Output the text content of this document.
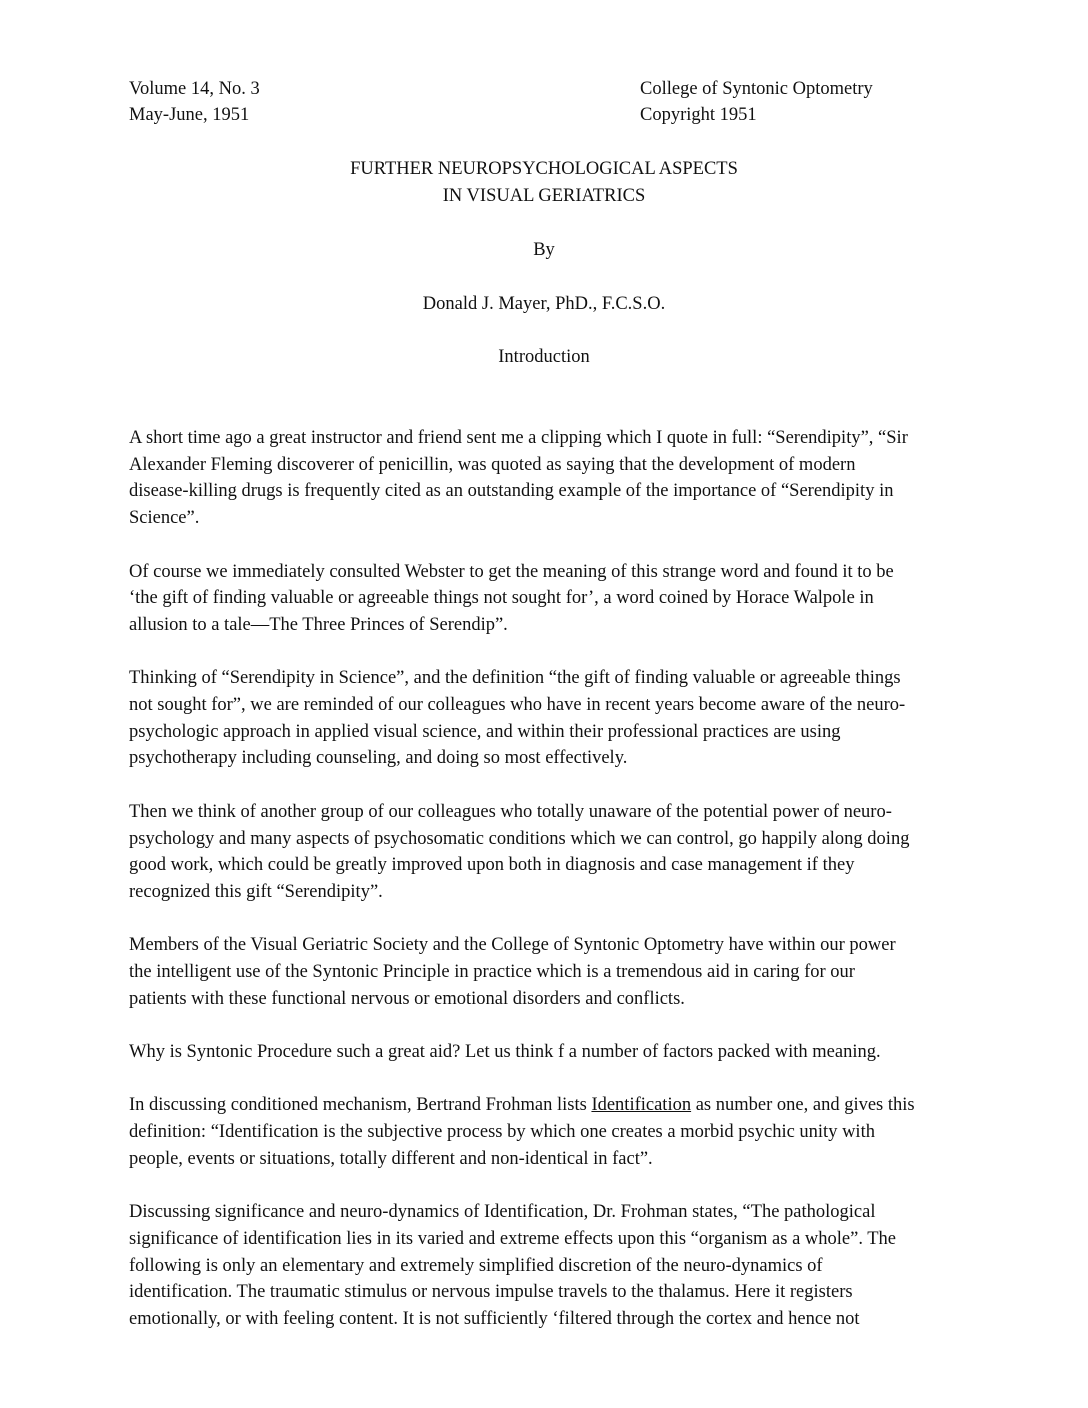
Volume 14, No. 3
May-June, 1951
College of Syntonic Optometry
Copyright 1951
FURTHER NEUROPSYCHOLOGICAL ASPECTS
IN VISUAL GERIATRICS
By
Donald J. Mayer, PhD., F.C.S.O.
Introduction

A short time ago a great instructor and friend sent me a clipping which I quote in full: “Serendipity”, “Sir
Alexander Fleming discoverer of penicillin, was quoted as saying that the development of modern
disease-killing drugs is frequently cited as an outstanding example of the importance of “Serendipity in
Science”.

Of course we immediately consulted Webster to get the meaning of this strange word and found it to be
‘the gift of finding valuable or agreeable things not sought for’, a word coined by Horace Walpole in
allusion to a tale—The Three Princes of Serendip”.

Thinking of “Serendipity in Science”, and the definition “the gift of finding valuable or agreeable things
not sought for”, we are reminded of our colleagues who have in recent years become aware of the neuro-
psychologic approach in applied visual science, and within their professional practices are using
psychotherapy including counseling, and doing so most effectively.

Then we think of another group of our colleagues who totally unaware of the potential power of neuro-
psychology and many aspects of psychosomatic conditions which we can control, go happily along doing
good work, which could be greatly improved upon both in diagnosis and case management if they
recognized this gift “Serendipity”.

Members of the Visual Geriatric Society and the College of Syntonic Optometry have within our power
the intelligent use of the Syntonic Principle in practice which is a tremendous aid in caring for our
patients with these functional nervous or emotional disorders and conflicts.

Why is Syntonic Procedure such a great aid? Let us think f a number of factors packed with meaning.

In discussing conditioned mechanism, Bertrand Frohman lists Identification as number one, and gives this
definition: “Identification is the subjective process by which one creates a morbid psychic unity with
people, events or situations, totally different and non-identical in fact”.

Discussing significance and neuro-dynamics of Identification, Dr. Frohman states, “The pathological
significance of identification lies in its varied and extreme effects upon this “organism as a whole”. The
following is only an elementary and extremely simplified discretion of the neuro-dynamics of
identification. The traumatic stimulus or nervous impulse travels to the thalamus. Here it registers
emotionally, or with feeling content. It is not sufficiently ‘filtered through the cortex and hence not
